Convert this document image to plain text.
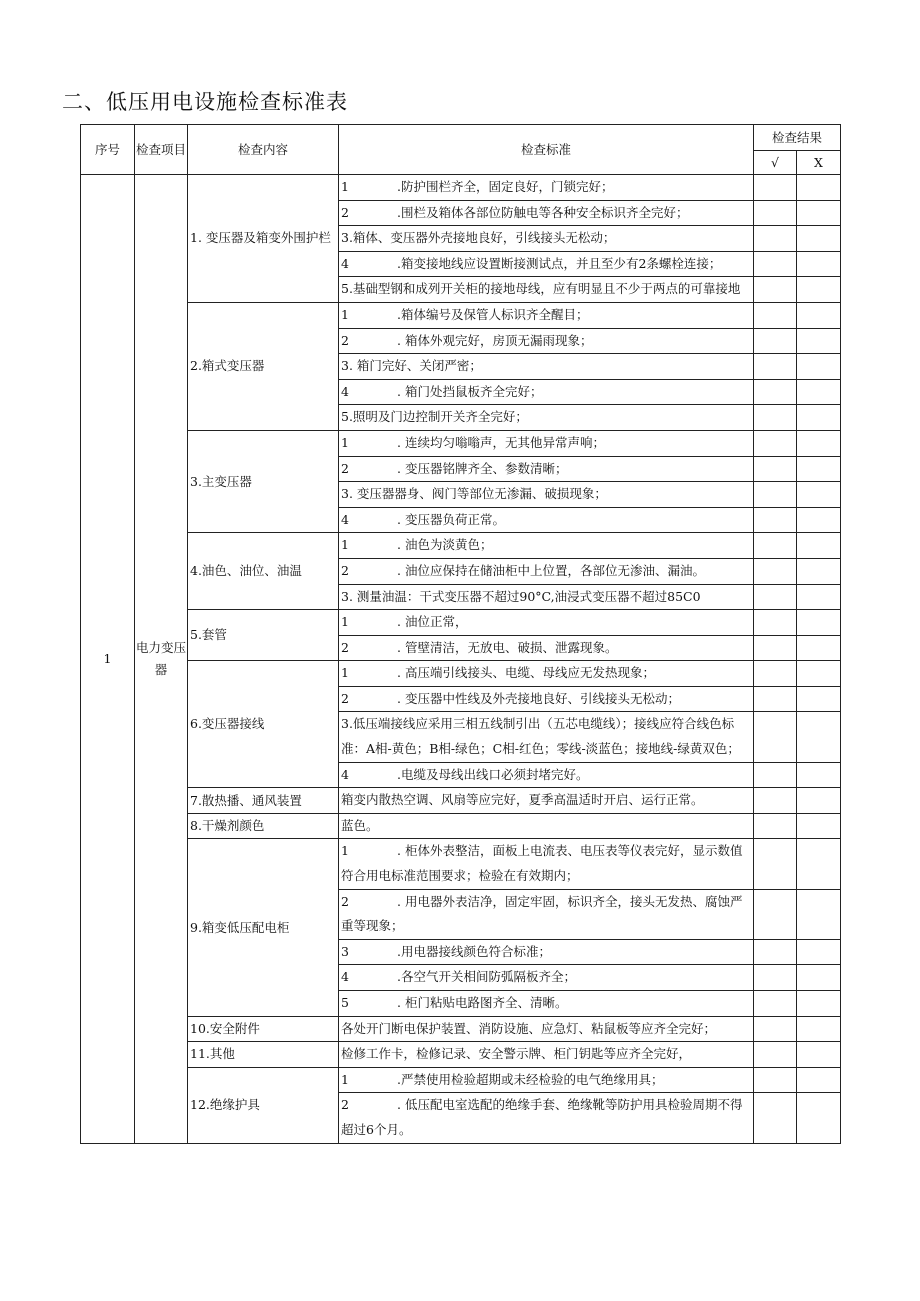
二、低压用电设施检查标准表
序号	检查项目	检查内容	检查标准	检查结果	
				√	X
1	电力变压器	1. 变压器及箱变外围护栏	1 .防护围栏齐全，固定良好，门锁完好；		

			2 .围栏及箱体各部位防触电等各种安全标识齐全完好；		

			3.箱体、变压器外壳接地良好，引线接头无松动；		

			4 .箱变接地线应设置断接测试点，并且至少有2条螺栓连接；		

			5.基础型钢和成列开关柜的接地母线，应有明显且不少于两点的可靠接地		

		2.箱式变压器	1 .箱体编号及保管人标识齐全醒目；		

			2 . 箱体外观完好，房顶无漏雨现象；		

			3. 箱门完好、关闭严密；		

			4 . 箱门处挡鼠板齐全完好；		

			5.照明及门边控制开关齐全完好；		

		3.主变压器	1 . 连续均匀嗡嗡声，无其他异常声响；		

			2 . 变压器铭牌齐全、参数清晰；		

			3. 变压器器身、阀门等部位无渗漏、破损现象；		

			4 . 变压器负荷正常。		

		4.油色、油位、油温	1 . 油色为淡黄色；		

			2 . 油位应保持在储油柜中上位置，各部位无渗油、漏油。		

			3. 测量油温：干式变压器不超过90°C,油浸式变压器不超过85C0		

		5.套管	1 . 油位正常，		

			2 . 管壁清洁，无放电、破损、泄露现象。		

		6.变压器接线	1 . 高压端引线接头、电缆、母线应无发热现象；		

			2 . 变压器中性线及外壳接地良好、引线接头无松动；		

			3.低压端接线应采用三相五线制引出（五芯电缆线）；接线应符合线色标准：A相-黄色；B相-绿色；C相-红色；零线-淡蓝色；接地线-绿黄双色；		

			4 .电缆及母线出线口必须封堵完好。		

		7.散热播、通风装置	箱变内散热空调、风扇等应完好，夏季高温适时开启、运行正常。		

		8.干燥剂颜色	蓝色。		

		9.箱变低压配电柜	1 . 柜体外表整洁，面板上电流表、电压表等仪表完好，显示数值符合用电标准范围要求；检验在有效期内；		

			2 . 用电器外表洁净，固定牢固，标识齐全，接头无发热、腐蚀严重等现象；		

			3 .用电器接线颜色符合标准；		

			4 .各空气开关相间防弧隔板齐全；		

			5 . 柜门粘贴电路图齐全、清晰。		

		10.安全附件	各处开门断电保护装置、消防设施、应急灯、粘鼠板等应齐全完好；		

		11.其他	检修工作卡，检修记录、安全警示牌、柜门钥匙等应齐全完好，		

		12.绝缘护具	1 .严禁使用检验超期或未经检验的电气绝缘用具；		

			2 . 低压配电室选配的绝缘手套、绝缘靴等防护用具检验周期不得超过6个月。		
